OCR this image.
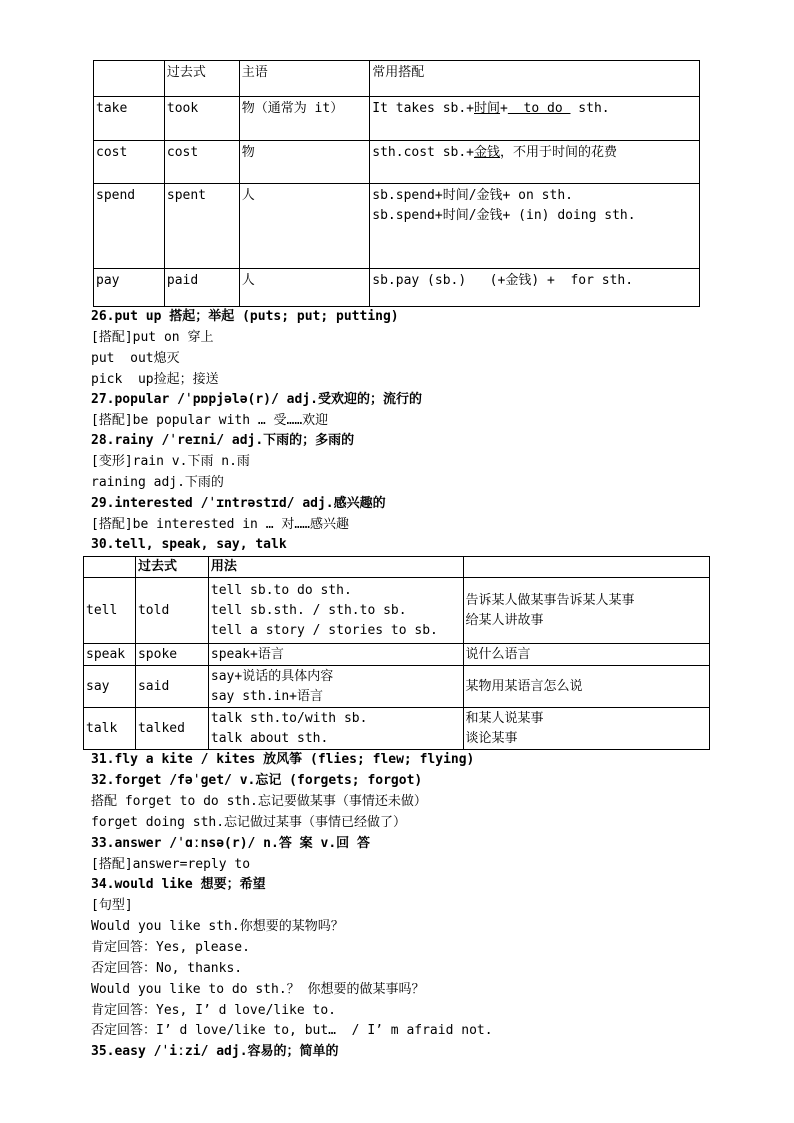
	过去式	主语	常用搭配
take	took	物（通常为 it）	It takes sb.+时间+  to do  sth.
cost	cost	物	sth.cost sb.+金钱，不用于时间的花费
spend	spent	人	sb.spend+时间/金钱+ on sth.
sb.spend+时间/金钱+ (in) doing sth.

pay	paid	人	sb.pay (sb.)   (+金钱) +  for sth.
26.put up 搭起；举起 (puts; put; putting)
[搭配]put on 穿上
put  out熄灭
pick  up捡起；接送
27.popular /ˈpɒpjələ(r)/ adj.受欢迎的；流行的
[搭配]be popular with … 受……欢迎
28.rainy /ˈreɪni/ adj.下雨的；多雨的
[变形]rain v.下雨 n.雨
raining adj.下雨的
29.interested /ˈɪntrəstɪd/ adj.感兴趣的
[搭配]be interested in … 对……感兴趣
30.tell, speak, say, talk
	过去式	用法	
tell	told	tell sb.to do sth.
tell sb.sth. / sth.to sb.
tell a story / stories to sb.	告诉某人做某事告诉某人某事
给某人讲故事

speak	spoke	speak+语言	说什么语言
say	said	say+说话的具体内容
say sth.in+语言	某物用某语言怎么说
talk	talked	talk sth.to/with sb.
talk about sth.	和某人说某事
谈论某事
31.fly a kite / kites 放风筝 (flies; flew; flying)
32.forget /fəˈget/ v.忘记 (forgets; forgot)
搭配 forget to do sth.忘记要做某事（事情还未做）
forget doing sth.忘记做过某事（事情已经做了）
33.answer /ˈɑːnsə(r)/ n.答 案 v.回 答
[搭配]answer=reply to
34.would like 想要；希望
[句型]
Would you like sth.你想要的某物吗？
肯定回答：Yes, please.
否定回答：No, thanks.
Would you like to do sth.？ 你想要的做某事吗？
肯定回答：Yes, I’ d love/like to.
否定回答：I’ d love/like to, but…  / I’ m afraid not.
35.easy /ˈiːzi/ adj.容易的；简单的
